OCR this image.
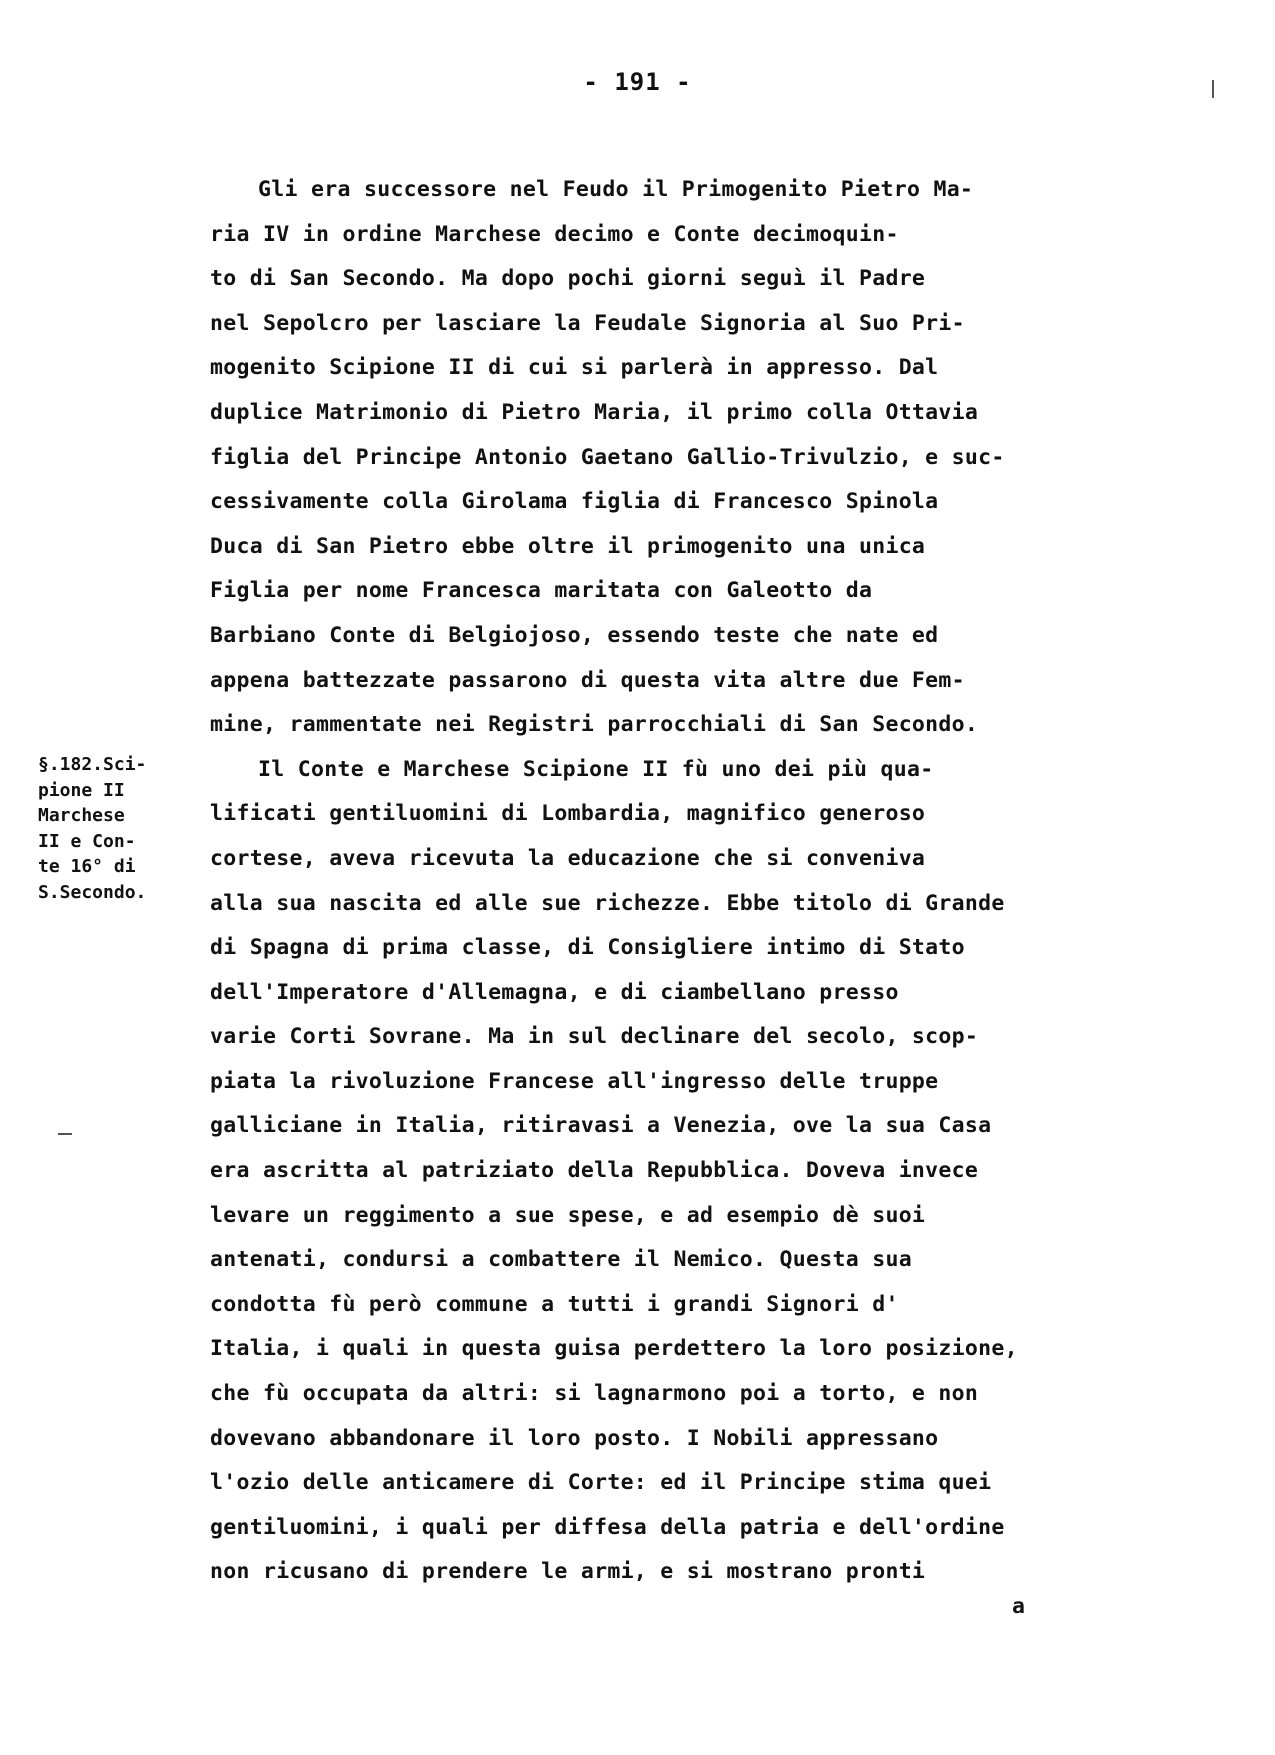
- 191 -
Gli era successore nel Feudo il Primogenito Pietro Ma-
ria IV in ordine Marchese decimo e Conte decimoquin-
to di San Secondo. Ma dopo pochi giorni seguì il Padre
nel Sepolcro per lasciare la Feudale Signoria al Suo Pri-
mogenito Scipione II di cui si parlerà in appresso. Dal
duplice Matrimonio di Pietro Maria, il primo colla Ottavia
figlia del Principe Antonio Gaetano Gallio-Trivulzio, e suc-
cessivamente colla Girolama figlia di Francesco Spinola
Duca di San Pietro ebbe oltre il primogenito una unica
Figlia per nome Francesca maritata con Galeotto da
Barbiano Conte di Belgiojoso, essendo teste che nate ed
appena battezzate passarono di questa vita altre due Fem-
mine, rammentate nei Registri parrocchiali di San Secondo.
Il Conte e Marchese Scipione II fù uno dei più qua-
lificati gentiluomini di Lombardia, magnifico generoso
cortese, aveva ricevuta la educazione che si conveniva
alla sua nascita ed alle sue richezze. Ebbe titolo di Grande
di Spagna di prima classe, di Consigliere intimo di Stato
dell'Imperatore d'Allemagna, e di ciambellano presso
varie Corti Sovrane. Ma in sul declinare del secolo, scop-
piata la rivoluzione Francese all'ingresso delle truppe
galliciane in Italia, ritiravasi a Venezia, ove la sua Casa
era ascritta al patriziato della Repubblica. Doveva invece
levare un reggimento a sue spese, e ad esempio dè suoi
antenati, condursi a combattere il Nemico. Questa sua
condotta fù però commune a tutti i grandi Signori d'
Italia, i quali in questa guisa perdettero la loro posizione,
che fù occupata da altri: si lagnarmono poi a torto, e non
dovevano abbandonare il loro posto. I Nobili appressano
l'ozio delle anticamere di Corte: ed il Principe stima quei
gentiluomini, i quali per diffesa della patria e dell'ordine
non ricusano di prendere le armi, e si mostrano pronti
§.182.Sci-
pione II
Marchese
II e Con-
te 16° di
S.Secondo.
a
